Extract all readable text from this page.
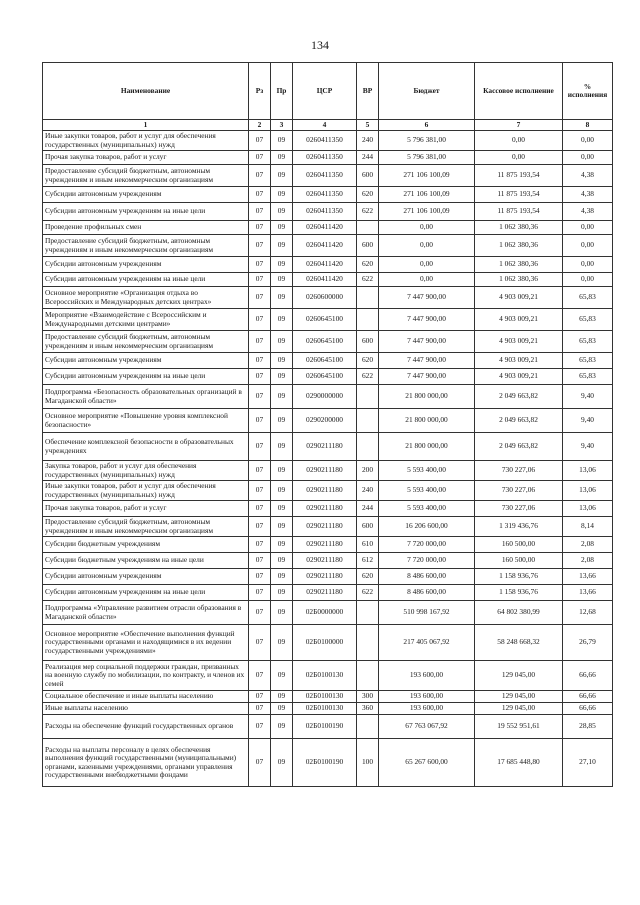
134
Наименование	Рз	Пр	ЦСР	ВР	Бюджет	Кассовое исполнение	% исполнения
1	2	3	4	5	6	7	8
Иные закупки товаров, работ и услуг для обеспечения государственных (муниципальных) нужд	07	09	0260411350	240	5 796 381,00	0,00	0,00
Прочая закупка товаров, работ и услуг	07	09	0260411350	244	5 796 381,00	0,00	0,00
Предоставление субсидий бюджетным, автономным учреждениям и иным некоммерческим организациям	07	09	0260411350	600	271 106 100,09	11 875 193,54	4,38
Субсидии автономным учреждениям	07	09	0260411350	620	271 106 100,09	11 875 193,54	4,38
Субсидии автономным учреждениям на иные цели	07	09	0260411350	622	271 106 100,09	11 875 193,54	4,38
Проведение профильных смен	07	09	0260411420		0,00	1 062 380,36	0,00
Предоставление субсидий бюджетным, автономным учреждениям и иным некоммерческим организациям	07	09	0260411420	600	0,00	1 062 380,36	0,00
Субсидии автономным учреждениям	07	09	0260411420	620	0,00	1 062 380,36	0,00
Субсидии автономным учреждениям на иные цели	07	09	0260411420	622	0,00	1 062 380,36	0,00
Основное мероприятие «Организация отдыха во Всероссийских и Международных детских центрах»	07	09	0260600000		7 447 900,00	4 903 009,21	65,83
Мероприятие «Взаимодействие с Всероссийским и Международными детскими центрами»	07	09	0260645100		7 447 900,00	4 903 009,21	65,83
Предоставление субсидий бюджетным, автономным учреждениям и иным некоммерческим организациям	07	09	0260645100	600	7 447 900,00	4 903 009,21	65,83
Субсидии автономным учреждениям	07	09	0260645100	620	7 447 900,00	4 903 009,21	65,83
Субсидии автономным учреждениям на иные цели	07	09	0260645100	622	7 447 900,00	4 903 009,21	65,83
Подпрограмма «Безопасность образовательных организаций в Магаданской области»	07	09	0290000000		21 800 000,00	2 049 663,82	9,40
Основное мероприятие «Повышение уровня комплексной безопасности»	07	09	0290200000		21 800 000,00	2 049 663,82	9,40
Обеспечение комплексной безопасности в образовательных учреждениях	07	09	0290211180		21 800 000,00	2 049 663,82	9,40
Закупка товаров, работ и услуг для обеспечения государственных (муниципальных) нужд	07	09	0290211180	200	5 593 400,00	730 227,06	13,06
Иные закупки товаров, работ и услуг для обеспечения государственных (муниципальных) нужд	07	09	0290211180	240	5 593 400,00	730 227,06	13,06
Прочая закупка товаров, работ и услуг	07	09	0290211180	244	5 593 400,00	730 227,06	13,06
Предоставление субсидий бюджетным, автономным учреждениям и иным некоммерческим организациям	07	09	0290211180	600	16 206 600,00	1 319 436,76	8,14
Субсидии бюджетным учреждениям	07	09	0290211180	610	7 720 000,00	160 500,00	2,08
Субсидии бюджетным учреждениям на иные цели	07	09	0290211180	612	7 720 000,00	160 500,00	2,08
Субсидии автономным учреждениям	07	09	0290211180	620	8 486 600,00	1 158 936,76	13,66
Субсидии автономным учреждениям на иные цели	07	09	0290211180	622	8 486 600,00	1 158 936,76	13,66
Подпрограмма «Управление развитием отрасли образования в Магаданской области»	07	09	02Б0000000		510 998 167,92	64 802 380,99	12,68
Основное мероприятие «Обеспечение выполнения функций государственными органами и находящимися в их ведении государственными учреждениями»	07	09	02Б0100000		217 405 067,92	58 248 668,32	26,79
Реализация мер социальной поддержки граждан, призванных на военную службу по мобилизации, по контракту, и членов их семей	07	09	02Б0100130		193 600,00	129 045,00	66,66
Социальное обеспечение и иные выплаты населению	07	09	02Б0100130	300	193 600,00	129 045,00	66,66
Иные выплаты населению	07	09	02Б0100130	360	193 600,00	129 045,00	66,66
Расходы на обеспечение функций государственных органов	07	09	02Б0100190		67 763 067,92	19 552 951,61	28,85
Расходы на выплаты персоналу в целях обеспечения выполнения функций государственными (муниципальными) органами, казенными учреждениями, органами управления государственными внебюджетными фондами	07	09	02Б0100190	100	65 267 600,00	17 685 448,80	27,10
